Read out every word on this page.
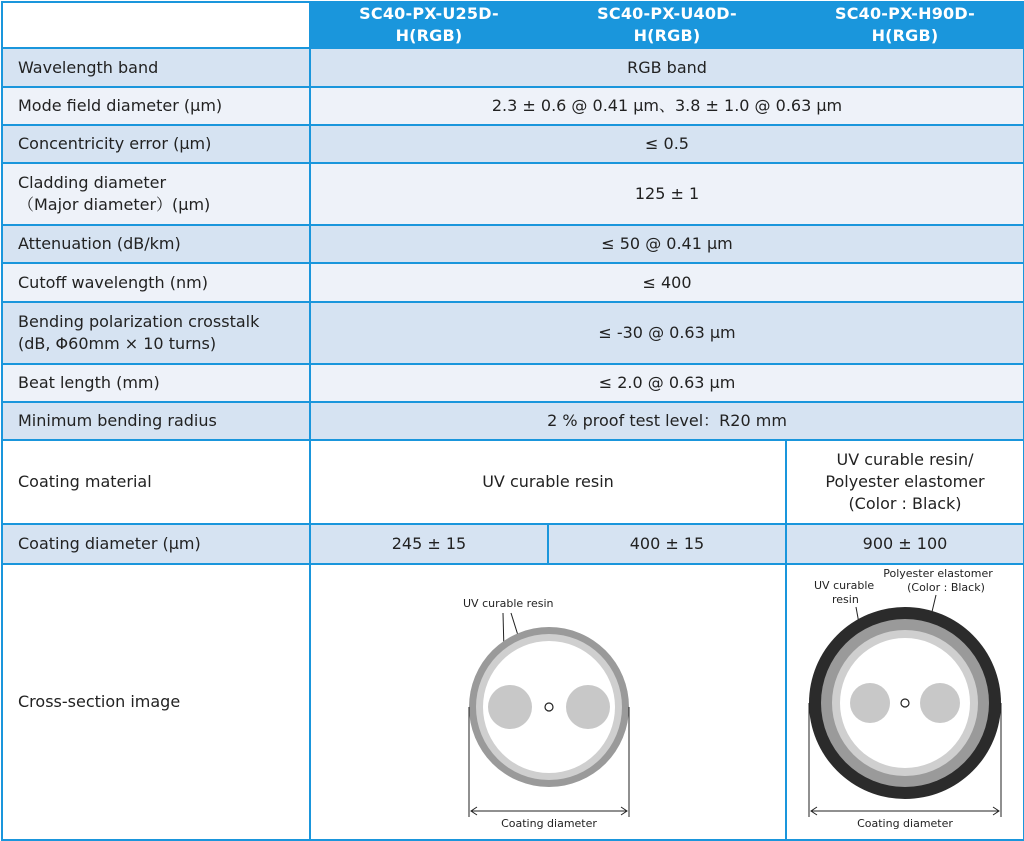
	SC40-PX-U25D-H(RGB)	SC40-PX-U40D-H(RGB)	SC40-PX-H90D-H(RGB)
Wavelength band	RGB band		
Mode field diameter (µm)	2.3 ± 0.6 @ 0.41 µm、3.8 ± 1.0 @ 0.63 µm		
Concentricity error (µm)	≤ 0.5		

Cladding diameter
（Major diameter）(µm)	125 ± 1		
Attenuation (dB/km)	≤ 50 @ 0.41 µm		
Cutoff wavelength (nm)	≤ 400		

Bending polarization crosstalk
(dB, Φ60mm × 10 turns)	≤ -30 @ 0.63 µm		
Beat length (mm)	≤ 2.0 @ 0.63 µm		
Minimum bending radius	2 % proof test level：R20 mm		
Coating material	UV curable resin		UV curable resin/
Polyester elastomer
(Color : Black)

Coating diameter (µm)	245 ± 15	400 ± 15	900 ± 100
Cross-section image	UV curable resin
Coating diameter		UV curable
resin
Polyester elastomer
(Color : Black)
Coating diameter
